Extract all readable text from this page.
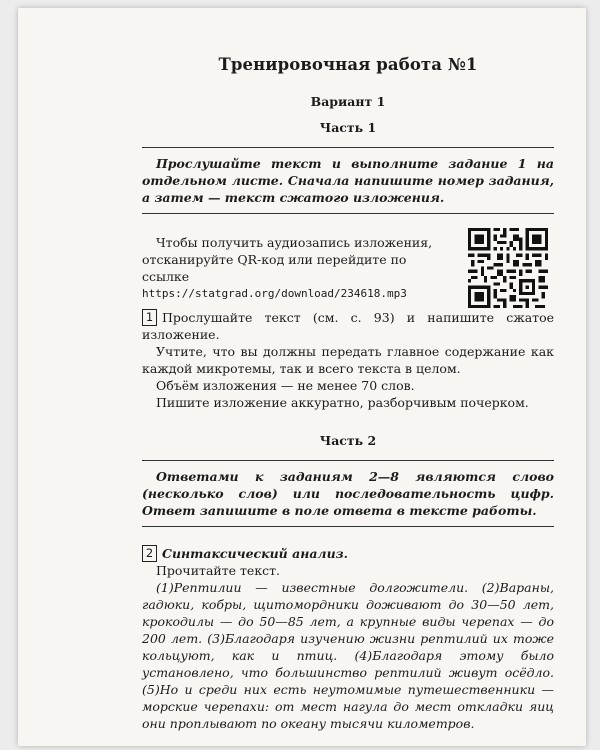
Тренировочная работа №1
Вариант 1
Часть 1

Прослушайте текст и выполните задание 1 на отдельном листе. Сначала напишите номер задания, а затем — текст сжатого изложения.

Чтобы получить аудиозапись изложения, отсканируйте QR-код или перейдите по ссылке
https://statgrad.org/download/234618.mp3

1 Прослушайте текст (см. с. 93) и напишите сжатое изложение.

Учтите, что вы должны передать главное содержание как каждой микротемы, так и всего текста в целом.

Объём изложения — не менее 70 слов.

Пишите изложение аккуратно, разборчивым почерком.

Часть 2

Ответами к заданиям 2—8 являются слово (несколько слов) или последовательность цифр. Ответ запишите в поле ответа в тексте работы.

2 Синтаксический анализ.

Прочитайте текст.

(1)Рептилии — известные долгожители. (2)Вараны, гадюки, кобры, щитомордники доживают до 30—50 лет, крокодилы — до 50—85 лет, а крупные виды черепах — до 200 лет. (3)Благодаря изучению жизни рептилий их тоже кольцуют, как и птиц. (4)Благодаря этому было установлено, что большинство рептилий живут осёдло. (5)Но и среди них есть неутомимые путешественники — морские черепахи: от мест нагула до мест откладки яиц они проплывают по океану тысячи километров.
